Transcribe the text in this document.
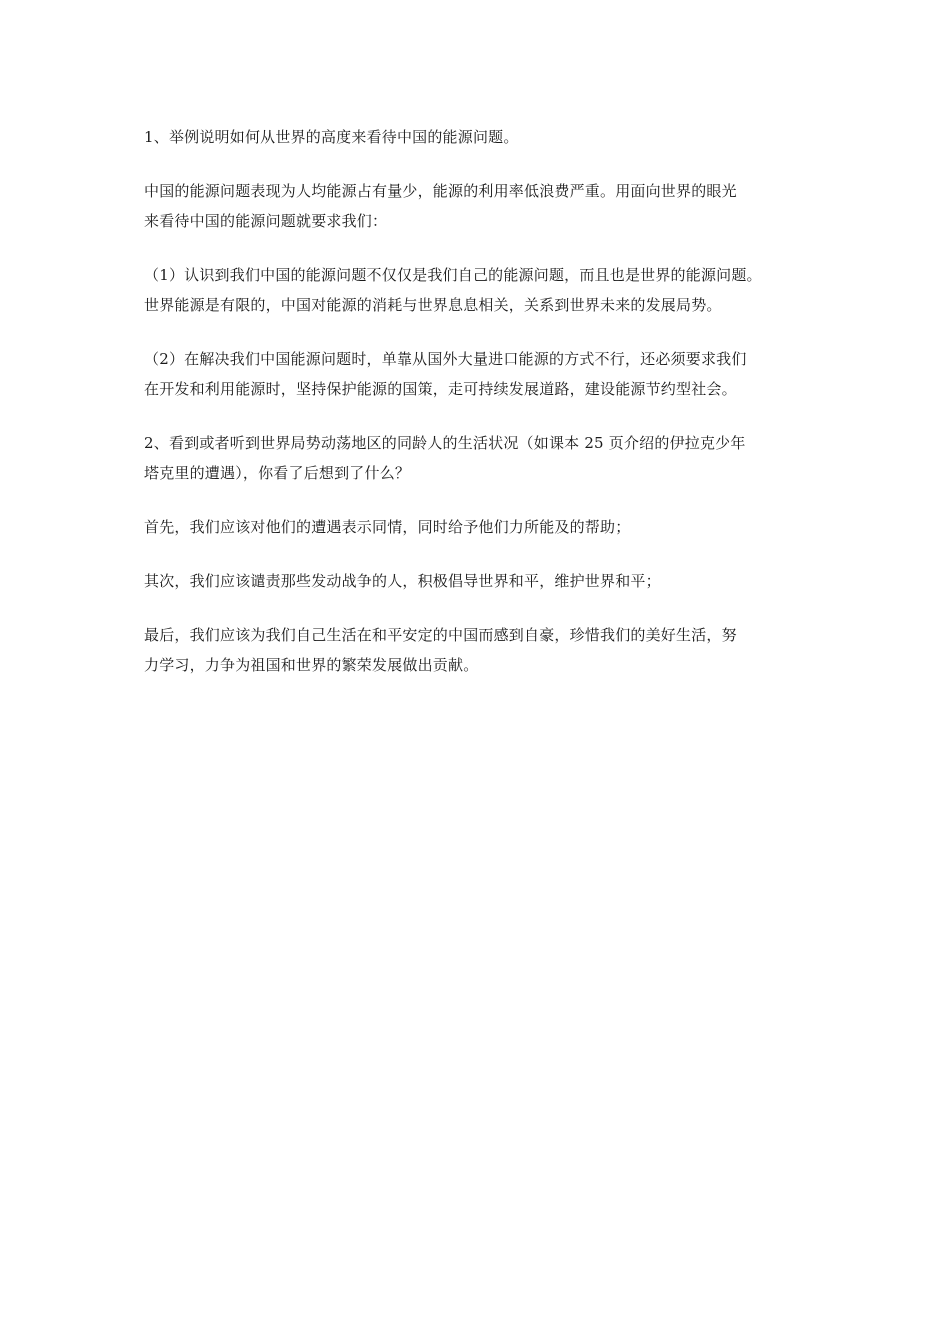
1、举例说明如何从世界的高度来看待中国的能源问题。
中国的能源问题表现为人均能源占有量少，能源的利用率低浪费严重。用面向世界的眼光
来看待中国的能源问题就要求我们：
（1）认识到我们中国的能源问题不仅仅是我们自己的能源问题，而且也是世界的能源问题。
世界能源是有限的，中国对能源的消耗与世界息息相关，关系到世界未来的发展局势。
（2）在解决我们中国能源问题时，单靠从国外大量进口能源的方式不行，还必须要求我们
在开发和利用能源时，坚持保护能源的国策，走可持续发展道路，建设能源节约型社会。
2、看到或者听到世界局势动荡地区的同龄人的生活状况（如课本 25 页介绍的伊拉克少年
塔克里的遭遇），你看了后想到了什么？
首先，我们应该对他们的遭遇表示同情，同时给予他们力所能及的帮助；
其次，我们应该谴责那些发动战争的人，积极倡导世界和平，维护世界和平；
最后，我们应该为我们自己生活在和平安定的中国而感到自豪，珍惜我们的美好生活，努
力学习，力争为祖国和世界的繁荣发展做出贡献。
